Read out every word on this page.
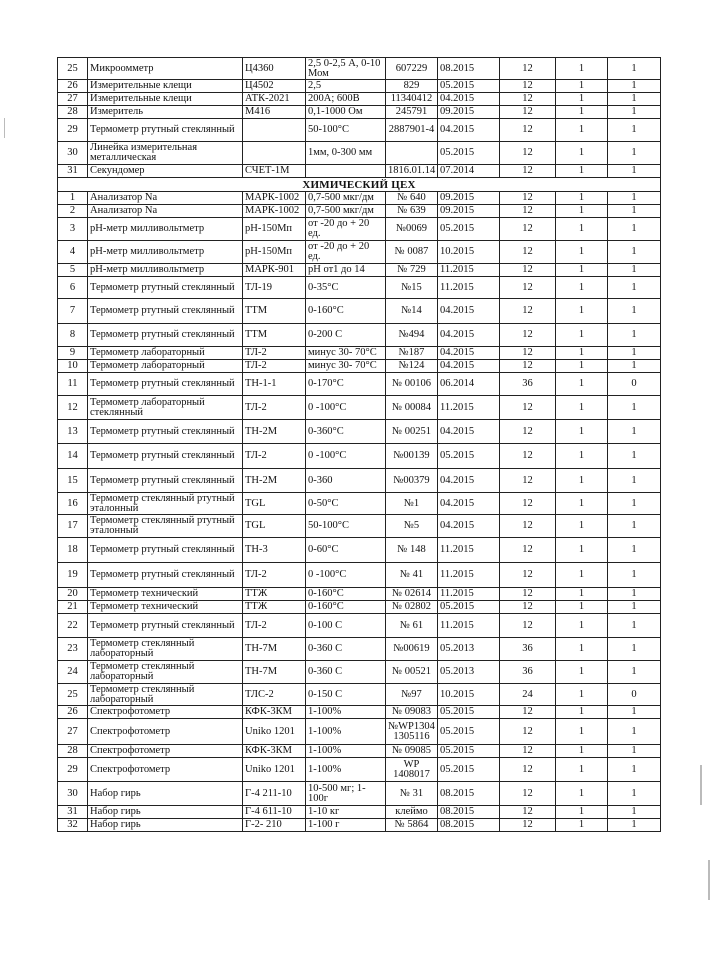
25	Микроомметр	Ц4360	2,5 0-2,5 А, 0-10 Мом	607229	08.2015	12	1	1
26	Измерительные клещи	Ц4502	2,5	829	05.2015	12	1	1
27	Измерительные клещи	АТК-2021	200А; 600В	11340412	04.2015	12	1	1
28	Измеритель	М416	0,1-1000 Ом	245791	09.2015	12	1	1
29	Термометр ртутный стеклянный		50-100°С	2887901-4	04.2015	12	1	1
30	Линейка измерительная металлическая		1мм, 0-300 мм		05.2015	12	1	1
31	Секундомер	СЧЕТ-1М		1816.01.14	07.2014	12	1	1
ХИМИЧЕСКИЙ ЦЕХ								
1	Анализатор Na	МАРК-1002	0,7-500 мкг/дм	№ 640	09.2015	12	1	1
2	Анализатор Na	МАРК-1002	0,7-500 мкг/дм	№ 639	09.2015	12	1	1
3	pH-метр милливольтметр	pH-150Мп	от -20 до + 20 ед.	№0069	05.2015	12	1	1
4	pH-метр милливольтметр	pH-150Мп	от -20 до + 20 ед.	№ 0087	10.2015	12	1	1
5	pH-метр милливольтметр	МАРК-901	pH от1 до 14	№ 729	11.2015	12	1	1
6	Термометр ртутный стеклянный	ТЛ-19	0-35°С	№15	11.2015	12	1	1
7	Термометр ртутный стеклянный	ТТМ	0-160°С	№14	04.2015	12	1	1
8	Термометр ртутный стеклянный	ТТМ	0-200 С	№494	04.2015	12	1	1
9	Термометр лабораторный	ТЛ-2	минус 30- 70°С	№187	04.2015	12	1	1
10	Термометр лабораторный	ТЛ-2	минус 30- 70°С	№124	04.2015	12	1	1
11	Термометр ртутный стеклянный	ТН-1-1	0-170°С	№ 00106	06.2014	36	1	0
12	Термометр лабораторный стеклянный	ТЛ-2	0 -100°С	№ 00084	11.2015	12	1	1
13	Термометр ртутный стеклянный	ТН-2М	0-360°С	№ 00251	04.2015	12	1	1
14	Термометр ртутный стеклянный	ТЛ-2	0 -100°С	№00139	05.2015	12	1	1
15	Термометр ртутный стеклянный	ТН-2М	0-360	№00379	04.2015	12	1	1
16	Термометр стеклянный ртутный эталонный	TGL	0-50°С	№1	04.2015	12	1	1
17	Термометр стеклянный ртутный эталонный	TGL	50-100°С	№5	04.2015	12	1	1
18	Термометр ртутный стеклянный	ТН-3	0-60°С	№ 148	11.2015	12	1	1
19	Термометр ртутный стеклянный	ТЛ-2	0 -100°С	№ 41	11.2015	12	1	1
20	Термометр технический	ТТЖ	0-160°С	№ 02614	11.2015	12	1	1
21	Термометр технический	ТТЖ	0-160°С	№ 02802	05.2015	12	1	1
22	Термометр ртутный стеклянный	ТЛ-2	0-100 С	№ 61	11.2015	12	1	1
23	Термометр стеклянный лабораторный	ТН-7М	0-360 С	№00619	05.2013	36	1	1
24	Термометр стеклянный лабораторный	ТН-7М	0-360 С	№ 00521	05.2013	36	1	1
25	Термометр стеклянный лабораторный	ТЛС-2	0-150 С	№97	10.2015	24	1	0
26	Спектрофотометр	КФК-3КМ	1-100%	№ 09083	05.2015	12	1	1
27	Спектрофотометр	Uniko 1201	1-100%	№WP1304 1305116	05.2015	12	1	1
28	Спектрофотометр	КФК-3КМ	1-100%	№ 09085	05.2015	12	1	1
29	Спектрофотометр	Uniko 1201	1-100%	WP 1408017	05.2015	12	1	1
30	Набор гирь	Г-4 211-10	10-500 мг; 1-100г	№ 31	08.2015	12	1	1
31	Набор гирь	Г-4 611-10	1-10 кг	клеймо	08.2015	12	1	1
32	Набор гирь	Г-2- 210	1-100 г	№ 5864	08.2015	12	1	1
